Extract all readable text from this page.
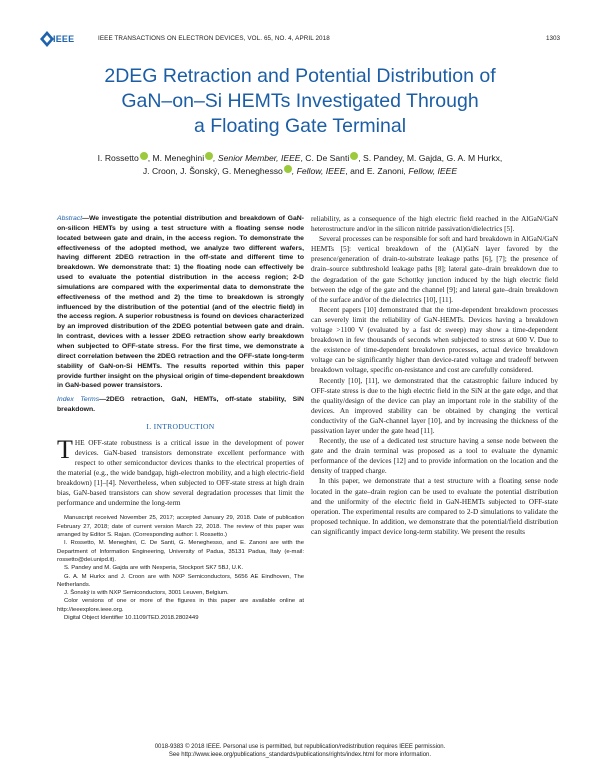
IEEE	IEEE TRANSACTIONS ON ELECTRON DEVICES, VOL. 65, NO. 4, APRIL 2018	1303
2DEG Retraction and Potential Distribution of
GaN–on–Si HEMTs Investigated Through
a Floating Gate Terminal
I. Rossetto , M. Meneghini , Senior Member, IEEE, C. De Santi , S. Pandey, M. Gajda, G. A. M Hurkx,
J. Croon, J. Šonský, G. Meneghesso , Fellow, IEEE, and E. Zanoni, Fellow, IEEE

Abstract—We investigate the potential distribution and breakdown of GaN-on-silicon HEMTs by using a test structure with a floating sense node located between gate and drain, in the access region. To demonstrate the effectiveness of the adopted method, we analyze two different wafers, having different 2DEG retraction in the off-state and different time to breakdown. We demonstrate that: 1) the floating node can effectively be used to evaluate the potential distribution in the access region; 2-D simulations are compared with the experimental data to demonstrate the effectiveness of the method and 2) the time to breakdown is strongly influenced by the distribution of the potential (and of the electric field) in the access region. A superior robustness is found on devices characterized by an improved distribution of the 2DEG potential between gate and drain. In contrast, devices with a lesser 2DEG retraction show early breakdown when subjected to OFF-state stress. For the first time, we demonstrate a direct correlation between the 2DEG retraction and the OFF-state long-term stability of GaN-on-Si HEMTs. The results reported within this paper provide further insight on the physical origin of time-dependent breakdown in GaN-based power transistors.

Index Terms—2DEG retraction, GaN, HEMTs, off-state stability, SiN breakdown.

I. INTRODUCTION

THE OFF-state robustness is a critical issue in the development of power devices. GaN-based transistors demonstrate excellent performance with respect to other semiconductor devices thanks to the electrical properties of the material (e.g., the wide bandgap, high-electron mobility, and a high electric-field breakdown) [1]–[4]. Nevertheless, when subjected to OFF-state stress at high drain bias, GaN-based transistors can show several degradation processes that limit the performance and undermine the long-term

Manuscript received November 25, 2017; accepted January 29, 2018. Date of publication February 27, 2018; date of current version March 22, 2018. The review of this paper was arranged by Editor S. Rajan. (Corresponding author: I. Rossetto.)

I. Rossetto, M. Meneghini, C. De Santi, G. Meneghesso, and E. Zanoni are with the Department of Information Engineering, University of Padua, 35131 Padua, Italy (e-mail: rossetto@dei.unipd.it).

S. Pandey and M. Gajda are with Nexperia, Stockport SK7 5BJ, U.K.

G. A. M Hurkx and J. Croon are with NXP Semiconductors, 5656 AE Eindhoven, The Netherlands.

J. Šonský is with NXP Semiconductors, 3001 Leuven, Belgium.

Color versions of one or more of the figures in this paper are available online at http://ieeexplore.ieee.org.

Digital Object Identifier 10.1109/TED.2018.2802449

reliability, as a consequence of the high electric field reached in the AlGaN/GaN heterostructure and/or in the silicon nitride passivation/dielectrics [5].

Several processes can be responsible for soft and hard breakdown in AlGaN/GaN HEMTs [5]: vertical breakdown of the (Al)GaN layer favored by the presence/generation of drain-to-substrate leakage paths [6], [7]; the presence of drain–source subthreshold leakage paths [8]; lateral gate–drain breakdown due to the degradation of the gate Schottky junction induced by the high electric field between the edge of the gate and the channel [9]; and lateral gate–drain breakdown of the surface and/or of the dielectrics [10], [11].

Recent papers [10] demonstrated that the time-dependent breakdown processes can severely limit the reliability of GaN-HEMTs. Devices having a breakdown voltage >1100 V (evaluated by a fast dc sweep) may show a time-dependent breakdown in few thousands of seconds when subjected to stress at 600 V. Due to the existence of time-dependent breakdown processes, actual device breakdown voltage can be significantly higher than device-rated voltage and tradeoff between breakdown voltage, specific on-resistance and cost are carefully considered.

Recently [10], [11], we demonstrated that the catastrophic failure induced by OFF-state stress is due to the high electric field in the SiN at the gate edge, and that the quality/design of the device can play an important role in the stability of the devices. An improved stability can be obtained by changing the vertical conductivity of the GaN-channel layer [10], and by increasing the thickness of the passivation layer under the gate head [11].

Recently, the use of a dedicated test structure having a sense node between the gate and the drain terminal was proposed as a tool to evaluate the dynamic performance of the devices [12] and to provide information on the location and the density of trapped charge.

In this paper, we demonstrate that a test structure with a floating sense node located in the gate–drain region can be used to evaluate the potential distribution and the uniformity of the electric field in GaN-HEMTs subjected to OFF-state operation. The experimental results are compared to 2-D simulations to validate the proposed technique. In addition, we demonstrate that the potential/field distribution can significantly impact device long-term stability. We present the results

0018-9383 © 2018 IEEE. Personal use is permitted, but republication/redistribution requires IEEE permission.
See http://www.ieee.org/publications_standards/publications/rights/index.html for more information.
